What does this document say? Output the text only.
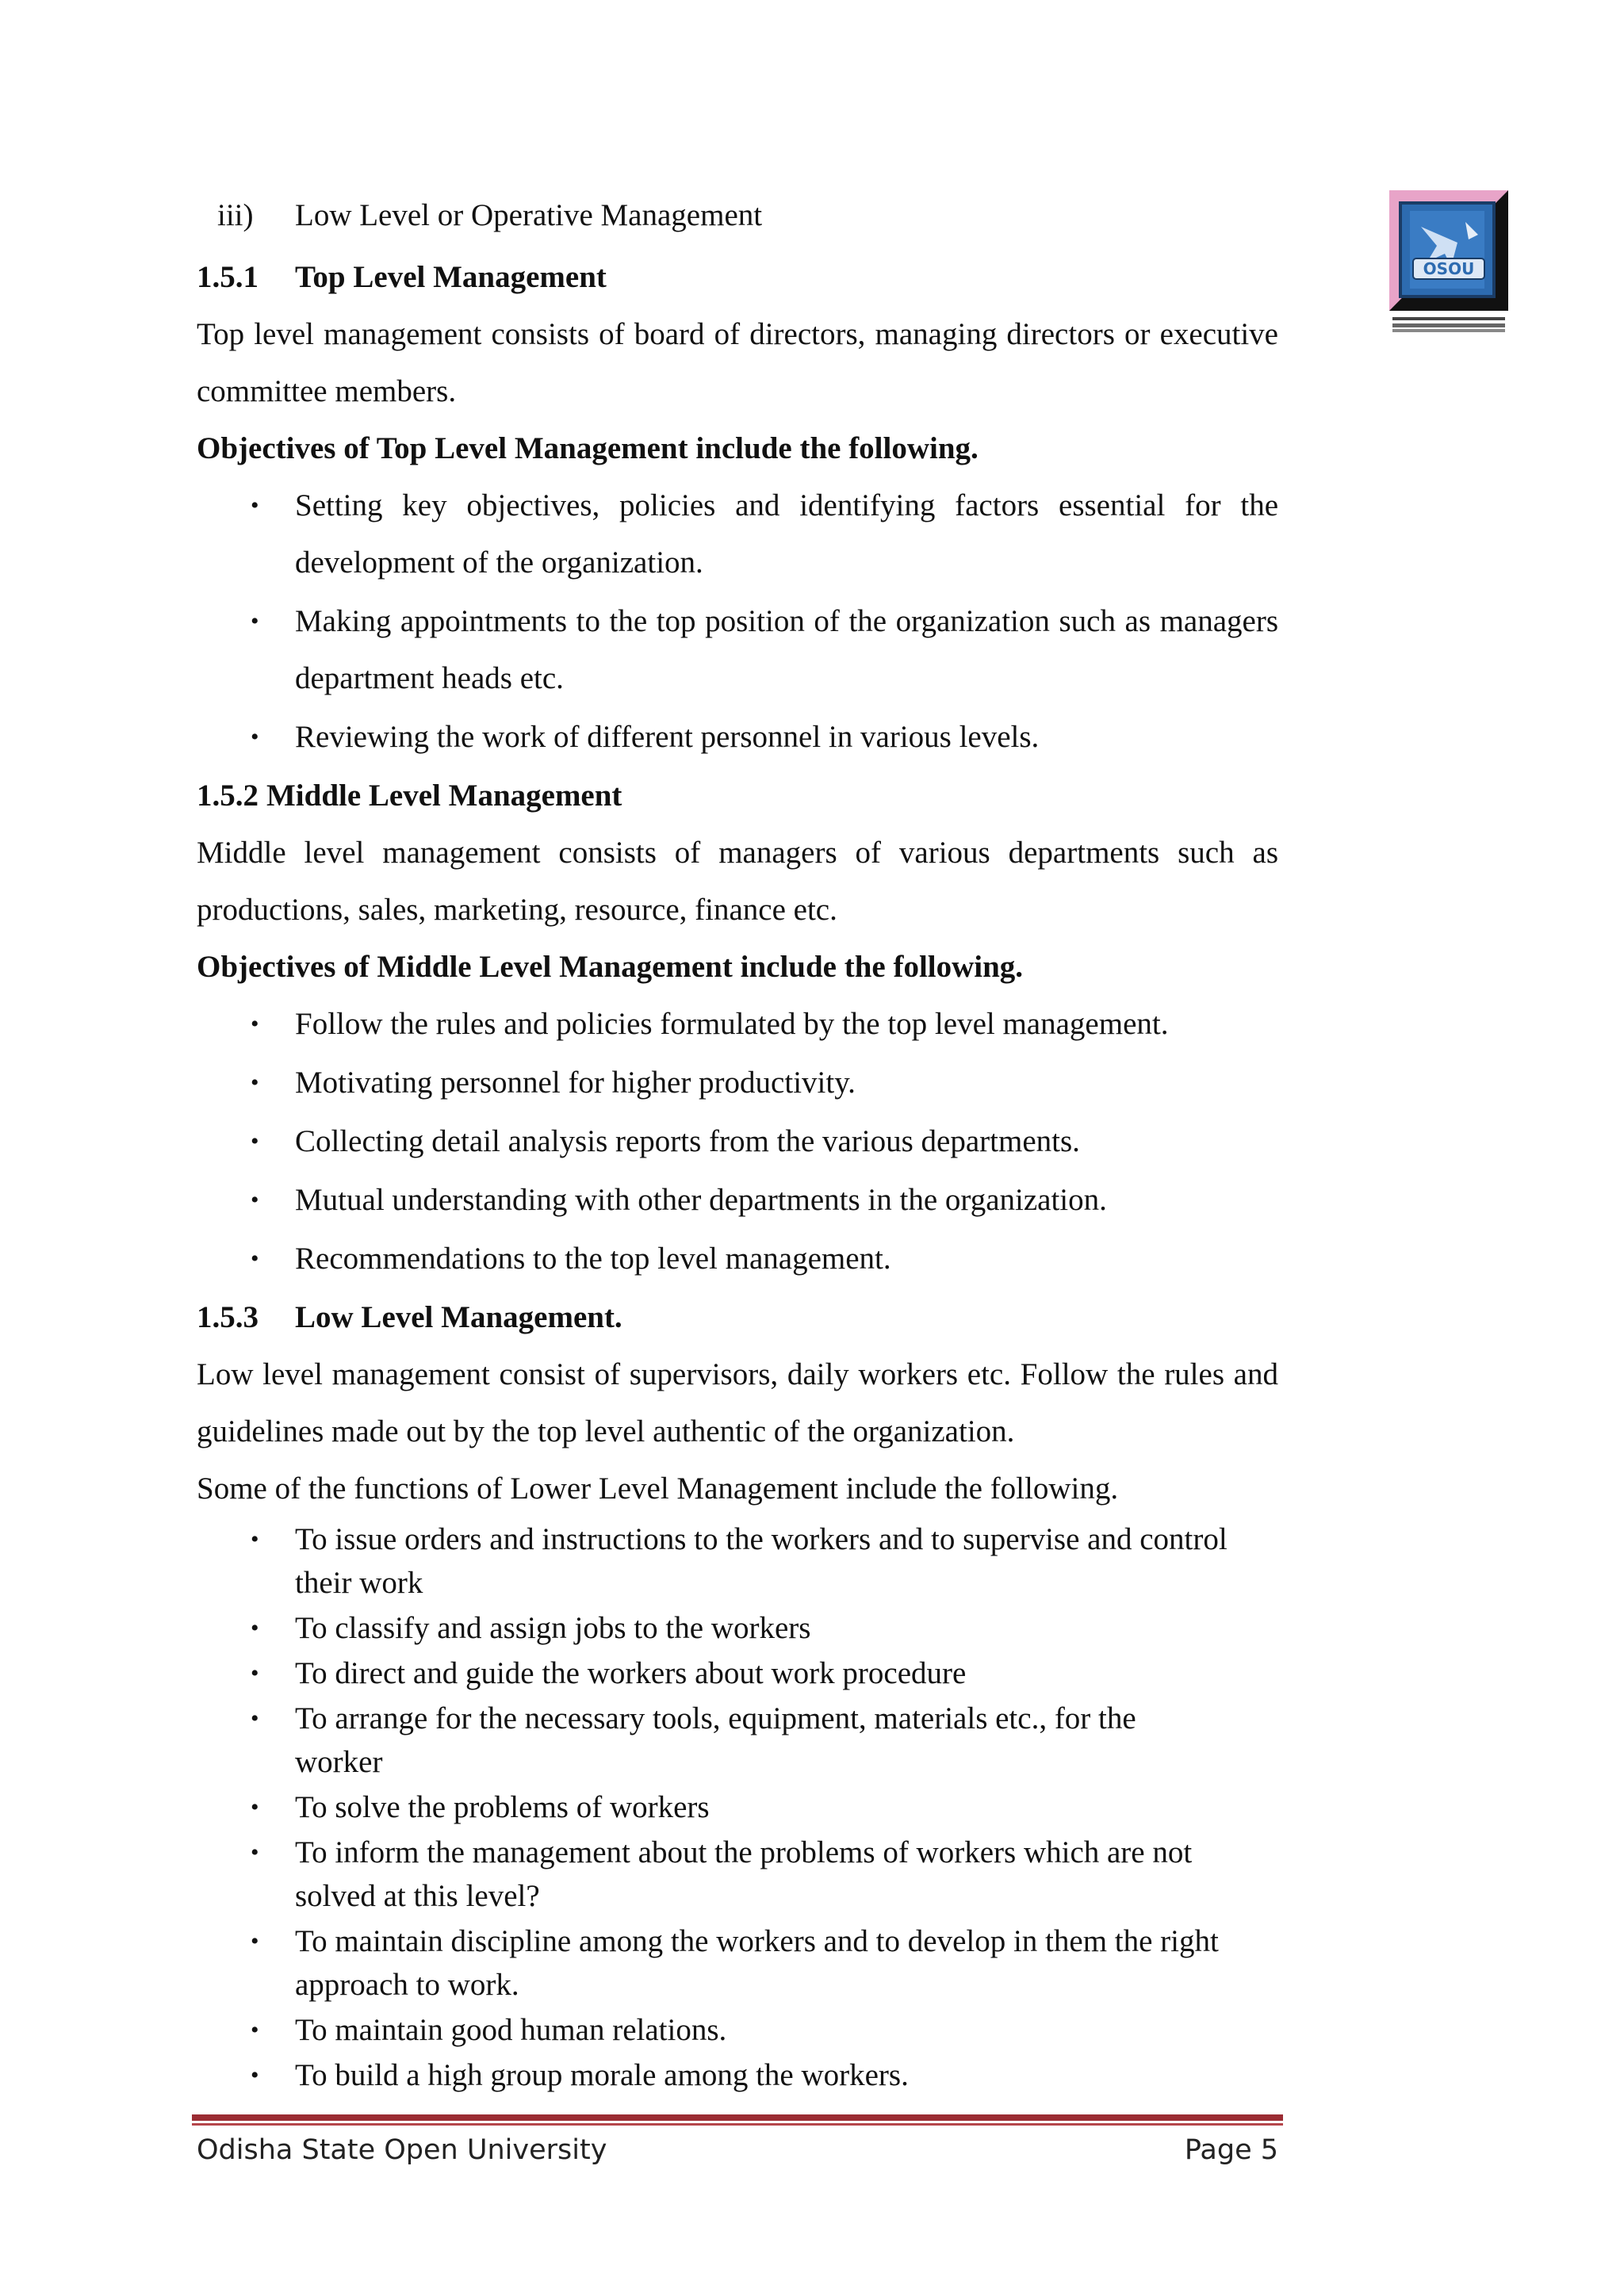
iii) Low Level or Operative Management

1.5.1 Top Level Management

Top level management consists of board of directors, managing directors or executive committee members.

Objectives of Top Level Management include the following.

• Setting key objectives, policies and identifying factors essential for the development of the organization.
• Making appointments to the top position of the organization such as managers department heads etc.
• Reviewing the work of different personnel in various levels.

1.5.2 Middle Level Management

Middle level management consists of managers of various departments such as productions, sales, marketing, resource, finance etc.

Objectives of Middle Level Management include the following.

• Follow the rules and policies formulated by the top level management.
• Motivating personnel for higher productivity.
• Collecting detail analysis reports from the various departments.
• Mutual understanding with other departments in the organization.
• Recommendations to the top level management.

1.5.3 Low Level Management.

Low level management consist of supervisors, daily workers etc. Follow the rules and guidelines made out by the top level authentic of the organization.

Some of the functions of Lower Level Management include the following.

• To issue orders and instructions to the workers and to supervise and control their work
• To classify and assign jobs to the workers
• To direct and guide the workers about work procedure
• To arrange for the necessary tools, equipment, materials etc., for the worker
• To solve the problems of workers
• To inform the management about the problems of workers which are not solved at this level?
• To maintain discipline among the workers and to develop in them the right approach to work.
• To maintain good human relations.
• To build a high group morale among the workers.
OSOU
Odisha State Open University	Page 5
